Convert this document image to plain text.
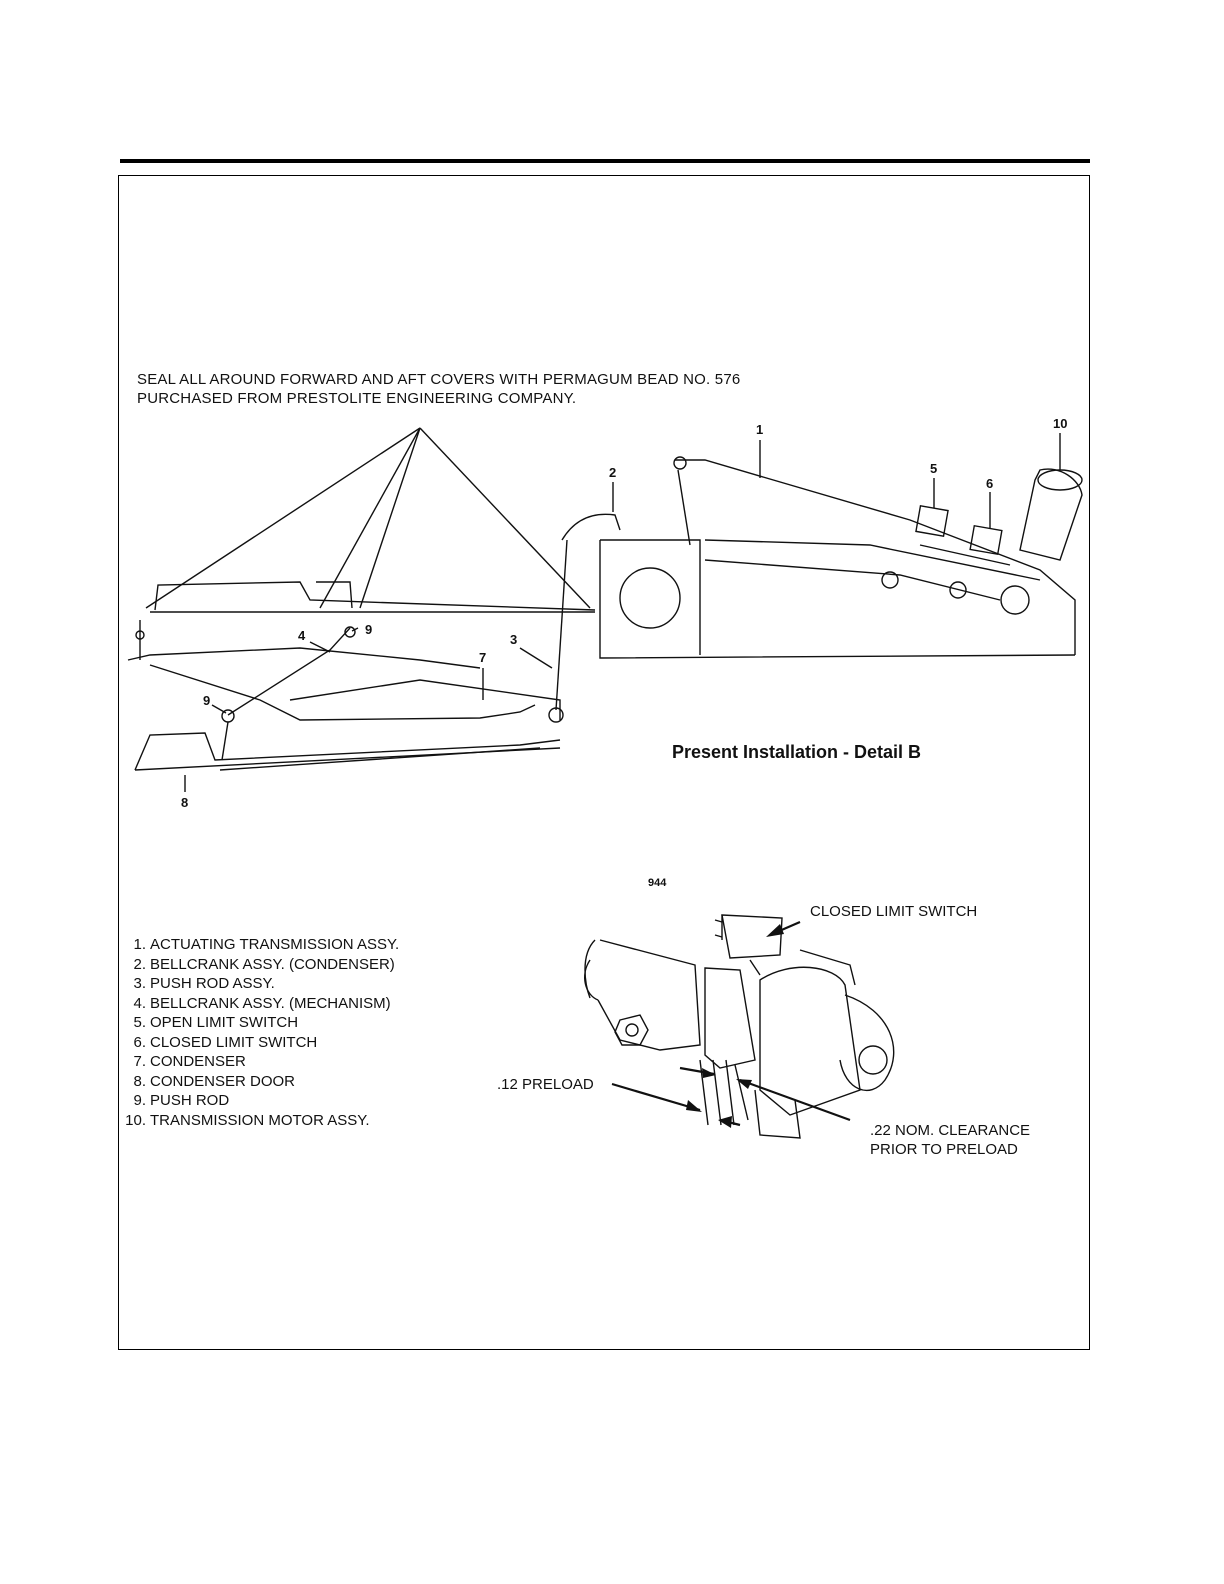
SEAL ALL AROUND FORWARD AND AFT COVERS WITH PERMAGUM BEAD NO. 576
PURCHASED FROM PRESTOLITE ENGINEERING COMPANY.
1
2
3
4
5
6
7
8
9
9
10
Present Installation - Detail B
944
1. ACTUATING TRANSMISSION ASSY.
2. BELLCRANK ASSY. (CONDENSER)
3. PUSH ROD ASSY.
4. BELLCRANK ASSY. (MECHANISM)
5. OPEN LIMIT SWITCH
6. CLOSED LIMIT SWITCH
7. CONDENSER
8. CONDENSER DOOR
9. PUSH ROD
10. TRANSMISSION MOTOR ASSY.
CLOSED LIMIT SWITCH
.12 PRELOAD
.22 NOM. CLEARANCE
PRIOR TO PRELOAD
